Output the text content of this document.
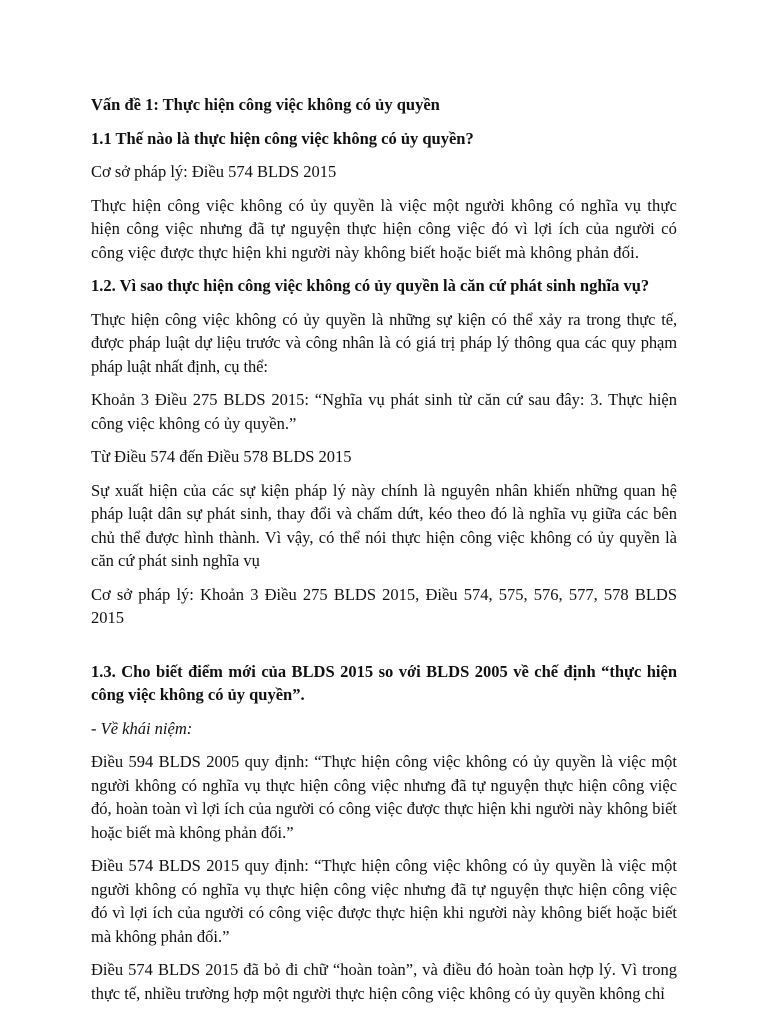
Vấn đề 1: Thực hiện công việc không có ủy quyền

1.1 Thế nào là thực hiện công việc không có ủy quyền?

Cơ sở pháp lý: Điều 574 BLDS 2015

Thực hiện công việc không có ủy quyền là việc một người không có nghĩa vụ thực hiện công việc nhưng đã tự nguyện thực hiện công việc đó vì lợi ích của người có công việc được thực hiện khi người này không biết hoặc biết mà không phản đối.

1.2. Vì sao thực hiện công việc không có ủy quyền là căn cứ phát sinh nghĩa vụ?

Thực hiện công việc không có ủy quyền là những sự kiện có thể xảy ra trong thực tế, được pháp luật dự liệu trước và công nhân là có giá trị pháp lý thông qua các quy phạm pháp luật nhất định, cụ thể:

Khoản 3 Điều 275 BLDS 2015: “Nghĩa vụ phát sinh từ căn cứ sau đây: 3. Thực hiện công việc không có ủy quyền.”

Từ Điều 574 đến Điều 578 BLDS 2015

Sự xuất hiện của các sự kiện pháp lý này chính là nguyên nhân khiến những quan hệ pháp luật dân sự phát sinh, thay đổi và chấm dứt, kéo theo đó là nghĩa vụ giữa các bên chủ thể được hình thành. Vì vậy, có thể nói thực hiện công việc không có ủy quyền là căn cứ phát sinh nghĩa vụ

Cơ sở pháp lý: Khoản 3 Điều 275 BLDS 2015, Điều 574, 575, 576, 577, 578 BLDS 2015

1.3. Cho biết điểm mới của BLDS 2015 so với BLDS 2005 về chế định “thực hiện công việc không có ủy quyền”.

- Về khái niệm:

Điều 594 BLDS 2005 quy định: “Thực hiện công việc không có ủy quyền là việc một người không có nghĩa vụ thực hiện công việc nhưng đã tự nguyện thực hiện công việc đó, hoàn toàn vì lợi ích của người có công việc được thực hiện khi người này không biết hoặc biết mà không phản đối.”

Điều 574 BLDS 2015 quy định: “Thực hiện công việc không có ủy quyền là việc một người không có nghĩa vụ thực hiện công việc nhưng đã tự nguyện thực hiện công việc đó vì lợi ích của người có công việc được thực hiện khi người này không biết hoặc biết mà không phản đối.”

Điều 574 BLDS 2015 đã bỏ đi chữ “hoàn toàn”, và điều đó hoàn toàn hợp lý. Vì trong thực tế, nhiều trường hợp một người thực hiện công việc không có ủy quyền không chỉ
